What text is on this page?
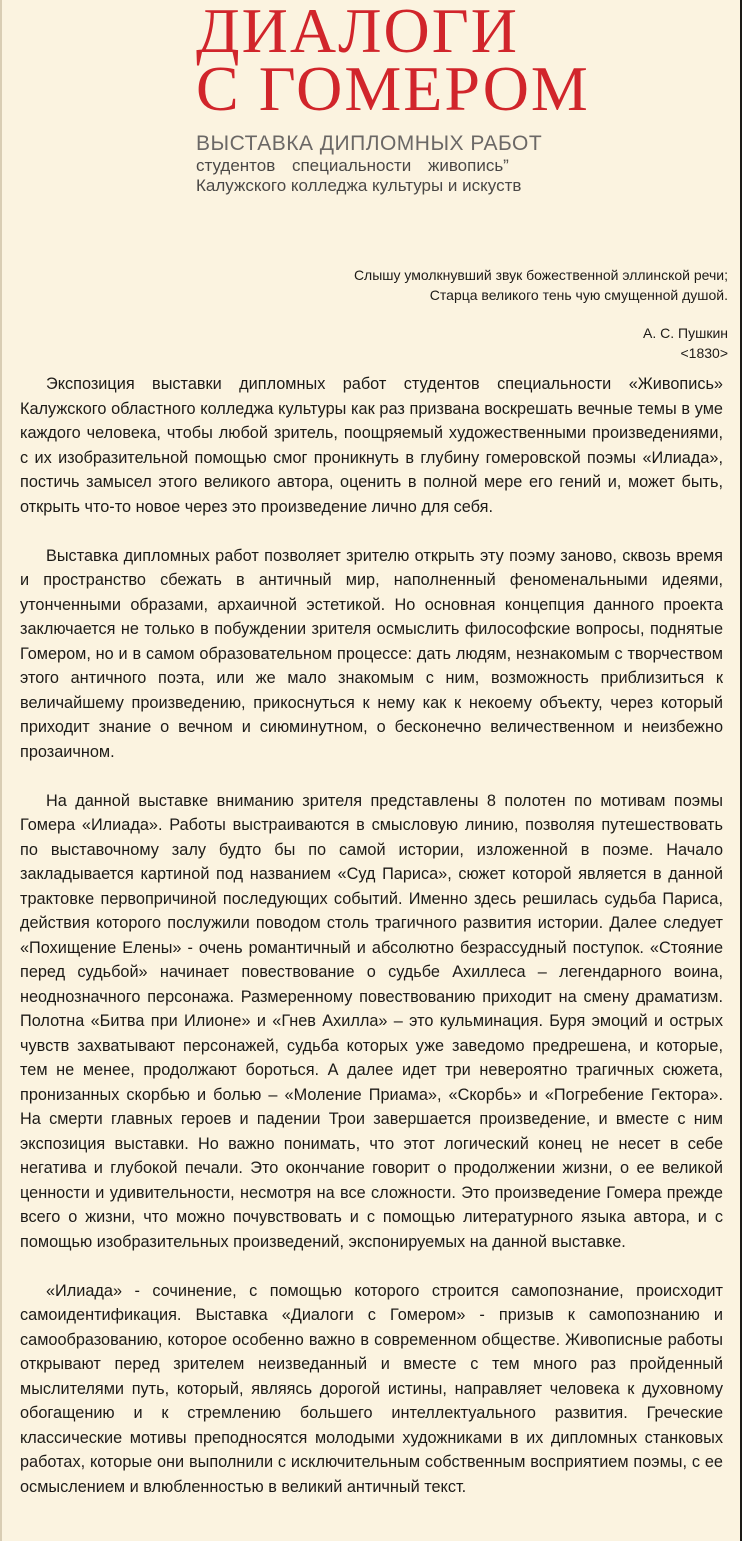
ДИАЛОГИ
С ГОМЕРОМ
ВЫСТАВКА ДИПЛОМНЫХ РАБОТ
студентов специальности живопись”
Калужского колледжа культуры и искуств
Слышу умолкнувший звук божественной эллинской речи;
Старца великого тень чую смущенной душой.
А. С. Пушкин
<1830>

Экспозиция выставки дипломных работ студентов специальности «Живопись» Калужского областного колледжа культуры как раз призвана воскрешать вечные темы в уме каждого человека, чтобы любой зритель, поощряемый художественными произведениями, с их изобразительной помощью смог проникнуть в глубину гомеровской поэмы «Илиада», постичь замысел этого великого автора, оценить в полной мере его гений и, может быть, открыть что-то новое через это произведение лично для себя.

Выставка дипломных работ позволяет зрителю открыть эту поэму заново, сквозь время и пространство сбежать в античный мир, наполненный феноменальными идеями, утонченными образами, архаичной эстетикой. Но основная концепция данного проекта заключается не только в побуждении зрителя осмыслить философские вопросы, поднятые Гомером, но и в самом образовательном процессе: дать людям, незнакомым с творчеством этого античного поэта, или же мало знакомым с ним, возможность приблизиться к величайшему произведению, прикоснуться к нему как к некоему объекту, через который приходит знание о вечном и сиюминутном, о бесконечно величественном и неизбежно прозаичном.

На данной выставке вниманию зрителя представлены 8 полотен по мотивам поэмы Гомера «Илиада». Работы выстраиваются в смысловую линию, позволяя путешествовать по выставочному залу будто бы по самой истории, изложенной в поэме. Начало закладывается картиной под названием «Суд Париса», сюжет которой является в данной трактовке первопричиной последующих событий. Именно здесь решилась судьба Париса, действия которого послужили поводом столь трагичного развития истории. Далее следует «Похищение Елены» - очень романтичный и абсолютно безрассудный поступок. «Стояние перед судьбой» начинает повествование о судьбе Ахиллеса – легендарного воина, неоднозначного персонажа. Размеренному повествованию приходит на смену драматизм. Полотна «Битва при Илионе» и «Гнев Ахилла» – это кульминация. Буря эмоций и острых чувств захватывают персонажей, судьба которых уже заведомо предрешена, и которые, тем не менее, продолжают бороться. А далее идет три невероятно трагичных сюжета, пронизанных скорбью и болью – «Моление Приама», «Скорбь» и «Погребение Гектора». На смерти главных героев и падении Трои завершается произведение, и вместе с ним экспозиция выставки. Но важно понимать, что этот логический конец не несет в себе негатива и глубокой печали. Это окончание говорит о продолжении жизни, о ее великой ценности и удивительности, несмотря на все сложности. Это произведение Гомера прежде всего о жизни, что можно почувствовать и с помощью литературного языка автора, и с помощью изобразительных произведений, экспонируемых на данной выставке.

«Илиада» - сочинение, с помощью которого строится самопознание, происходит самоидентификация. Выставка «Диалоги с Гомером» - призыв к самопознанию и самообразованию, которое особенно важно в современном обществе. Живописные работы открывают перед зрителем неизведанный и вместе с тем много раз пройденный мыслителями путь, который, являясь дорогой истины, направляет человека к духовному обогащению и к стремлению большего интеллектуального развития. Греческие классические мотивы преподносятся молодыми художниками в их дипломных станковых работах, которые они выполнили с исключительным собственным восприятием поэмы, с ее осмыслением и влюбленностью в великий античный текст.
